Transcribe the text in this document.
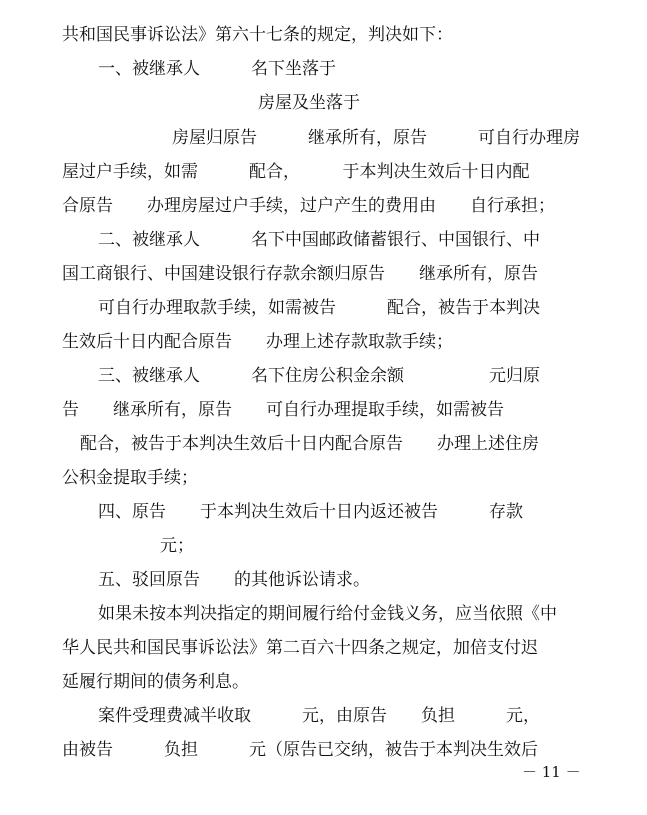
共和国民事诉讼法》第六十七条的规定，判决如下：
一、被继承人　　　名下坐落于
房屋及坐落于
房屋归原告　　　继承所有，原告　　　可自行办理房
屋过户手续，如需　　　配合，　　　于本判决生效后十日内配
合原告　　办理房屋过户手续，过户产生的费用由　　自行承担；
二、被继承人　　　名下中国邮政储蓄银行、中国银行、中
国工商银行、中国建设银行存款余额归原告　　继承所有，原告
可自行办理取款手续，如需被告　　　配合，被告于本判决
生效后十日内配合原告　　办理上述存款取款手续；
三、被继承人　　　名下住房公积金余额　　　　　元归原
告　　继承所有，原告　　可自行办理提取手续，如需被告
配合，被告于本判决生效后十日内配合原告　　办理上述住房
公积金提取手续；
四、原告　　于本判决生效后十日内返还被告　　　存款
元；
五、驳回原告　　的其他诉讼请求。
如果未按本判决指定的期间履行给付金钱义务，应当依照《中
华人民共和国民事诉讼法》第二百六十四条之规定，加倍支付迟
延履行期间的债务利息。
案件受理费减半收取　　　元，由原告　　负担　　　元，
由被告　　　负担　　　元（原告已交纳，被告于本判决生效后
－ 11 －
